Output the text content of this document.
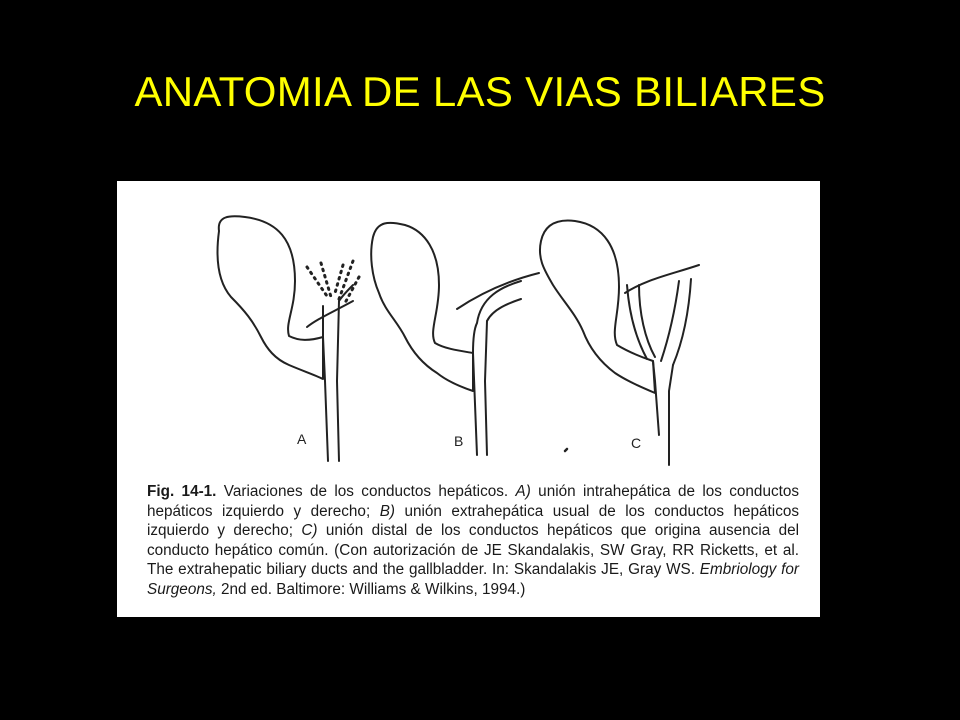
ANATOMIA DE LAS VIAS BILIARES
A	B	C
Fig. 14-1. Variaciones de los conductos hepáticos. A) unión intrahepática de los conductos hepáticos izquierdo y derecho; B) unión extrahepática usual de los conductos hepáticos izquierdo y derecho; C) unión distal de los conductos hepáticos que origina ausencia del conducto hepático común. (Con autorización de JE Skandalakis, SW Gray, RR Ricketts, et al. The extrahepatic biliary ducts and the gallbladder. In: Skandalakis JE, Gray WS. Embriology for Surgeons, 2nd ed. Baltimore: Williams & Wilkins, 1994.)
